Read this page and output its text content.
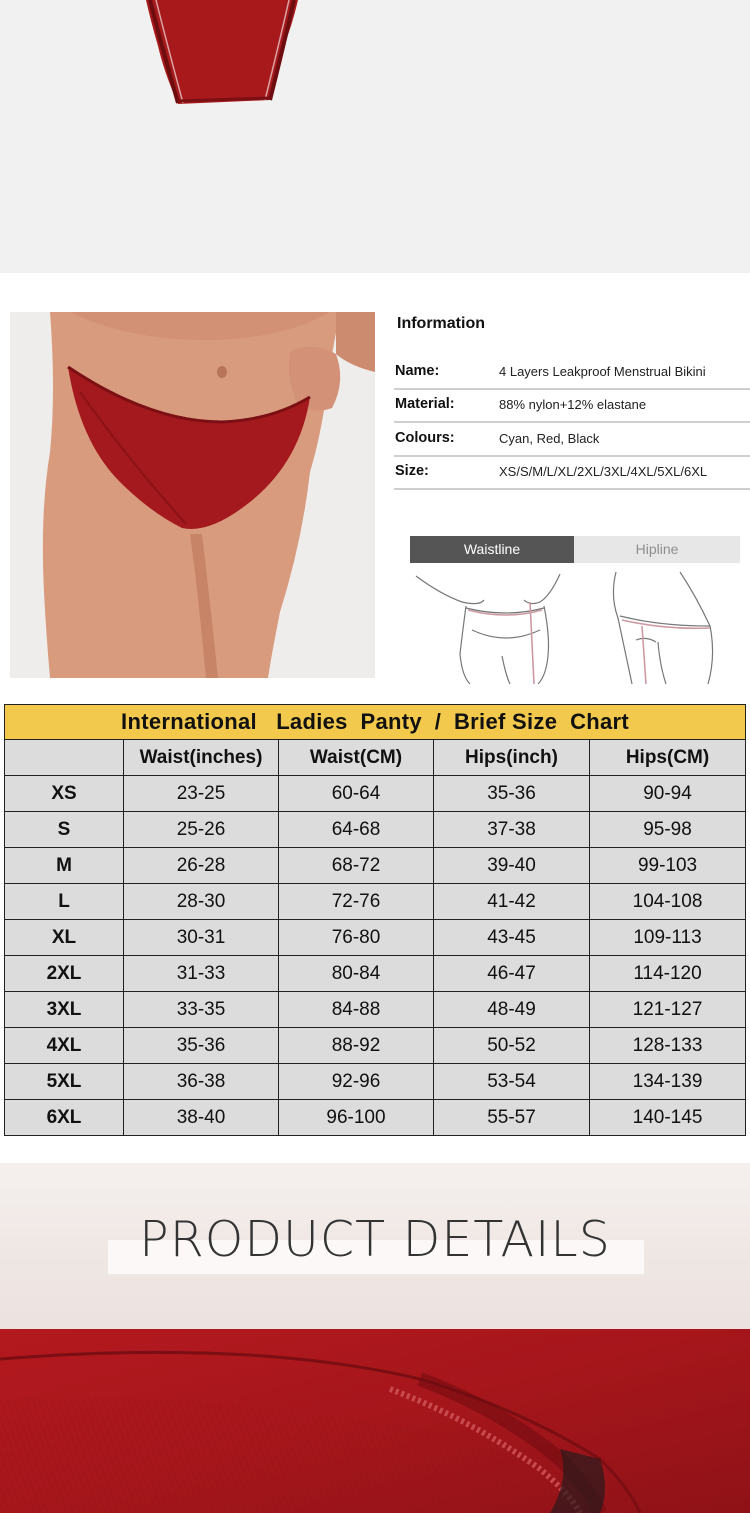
Information
Name:	4 Layers Leakproof Menstrual Bikini
Material:	88% nylon+12% elastane
Colours:	Cyan, Red, Black
Size:	XS/S/M/L/XL/2XL/3XL/4XL/5XL/6XL
Waistline	Hipline
International   Ladies  Panty  /  Brief Size  Chart				
	Waist(inches)	Waist(CM)	Hips(inch)	Hips(CM)
XS	23-25	60-64	35-36	90-94
S	25-26	64-68	37-38	95-98
M	26-28	68-72	39-40	99-103
L	28-30	72-76	41-42	104-108
XL	30-31	76-80	43-45	109-113
2XL	31-33	80-84	46-47	114-120
3XL	33-35	84-88	48-49	121-127
4XL	35-36	88-92	50-52	128-133
5XL	36-38	92-96	53-54	134-139
6XL	38-40	96-100	55-57	140-145
PRODUCT DETAILS
